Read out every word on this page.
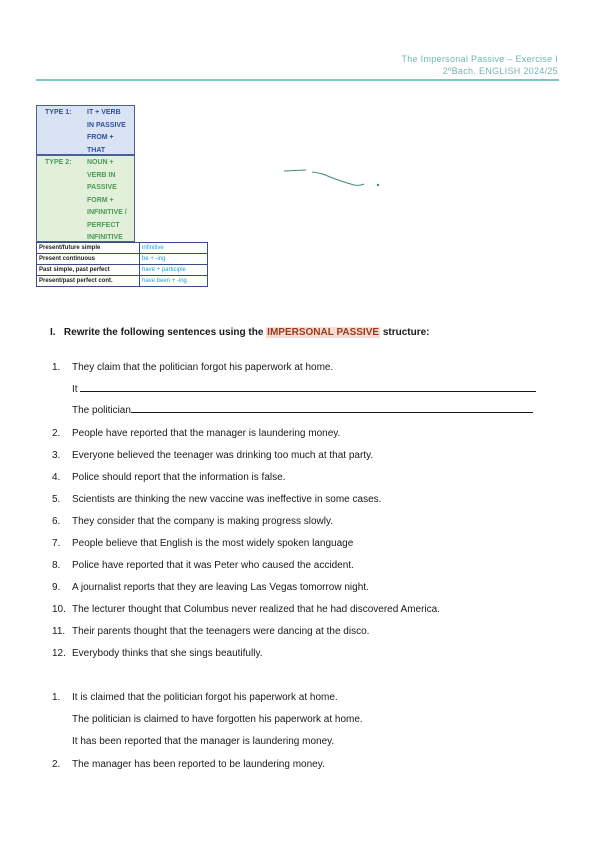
The Impersonal Passive – Exercise I
2ºBach. ENGLISH 2024/25
TYPE 1:	IT + VERB
IN PASSIVE
FROM +
THAT
TYPE 2:	NOUN +
VERB IN
PASSIVE
FORM +
INFINITIVE /
PERFECT
INFINITIVE
Present/future simple	infinitive
Present continuous	be + -ing
Past simple, past perfect	have + participle
Present/past perfect cont.	have been + -ing
I. Rewrite the following sentences using the IMPERSONAL PASSIVE structure:
1. They claim that the politician forgot his paperwork at home.
It
The politician
2. People have reported that the manager is laundering money.
3. Everyone believed the teenager was drinking too much at that party.
4. Police should report that the information is false.
5. Scientists are thinking the new vaccine was ineffective in some cases.
6. They consider that the company is making progress slowly.
7. People believe that English is the most widely spoken language
8. Police have reported that it was Peter who caused the accident.
9. A journalist reports that they are leaving Las Vegas tomorrow night.
10. The lecturer thought that Columbus never realized that he had discovered America.
11. Their parents thought that the teenagers were dancing at the disco.
12. Everybody thinks that she sings beautifully.
1. It is claimed that the politician forgot his paperwork at home.
The politician is claimed to have forgotten his paperwork at home.
It has been reported that the manager is laundering money.
2. The manager has been reported to be laundering money.
